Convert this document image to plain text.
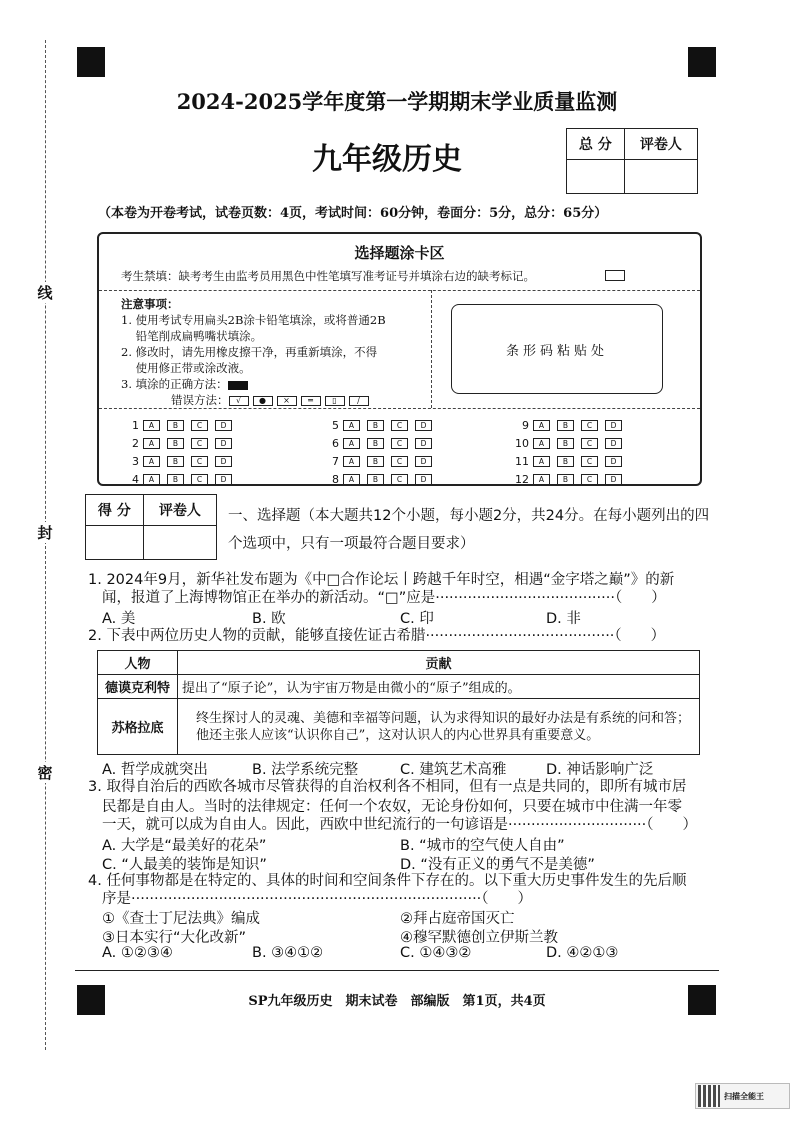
线
封
密
2024-2025学年度第一学期期末学业质量监测
九年级历史	总 分	评卷人

（本卷为开卷考试，试卷页数：4页，考试时间：60分钟，卷面分：5分，总分：65分）
选择题涂卡区
考生禁填：缺考考生由监考员用黑色中性笔填写准考证号并填涂右边的缺考标记。
注意事项：
1. 使用考试专用扁头2B涂卡铅笔填涂，或将普通2B
铅笔削成扁鸭嘴状填涂。
2. 修改时，请先用橡皮擦干净，再重新填涂，不得
使用修正带或涂改液。
3. 填涂的正确方法：
错误方法： √ ● × ═ ▯	/
条形码粘贴处
1	A	B	C	D	5	A	B	C	D	9	A	B	C	D
2	A	B	C	D	6	A	B	C	D	10	A	B	C	D
3	A	B	C	D	7	A	B	C	D	11	A	B	C	D
4	A	B	C	D	8	A	B	C	D	12	A	B	C	D
得 分	评卷人
	一、选择题（本大题共12个小题，每小题2分，共24分。在每小题列出的四
个选项中，只有一项最符合题目要求）
1. 2024年9月，新华社发布题为《中□合作论坛丨跨越千年时空，相遇“金字塔之巅”》的新
闻，报道了上海博物馆正在举办的新活动。“□”应是·······································（　　）
A. 美	B. 欧	C. 印	D. 非
2. 下表中两位历史人物的贡献，能够直接佐证古希腊·········································（　　）
人物	贡献
德谟克利特	提出了“原子论”，认为宇宙万物是由微小的“原子”组成的。
苏格拉底	终生探讨人的灵魂、美德和幸福等问题，认为求得知识的最好办法是有系统的问和答；他还主张人应该“认识你自己”，这对认识人的内心世界具有重要意义。
A. 哲学成就突出	B. 法学系统完整	C. 建筑艺术高雅	D. 神话影响广泛
3. 取得自治后的西欧各城市尽管获得的自治权利各不相同，但有一点是共同的，即所有城市居
民都是自由人。当时的法律规定：任何一个农奴，无论身份如何，只要在城市中住满一年零
一天，就可以成为自由人。因此，西欧中世纪流行的一句谚语是······························（　　）
A. 大学是“最美好的花朵”	B. “城市的空气使人自由”
C. “人最美的装饰是知识”	D. “没有正义的勇气不是美德”
4. 任何事物都是在特定的、具体的时间和空间条件下存在的。以下重大历史事件发生的先后顺
序是············································································（　　）
①《查士丁尼法典》编成	②拜占庭帝国灭亡
③日本实行“大化改新”	④穆罕默德创立伊斯兰教
A. ①②③④	B. ③④①②	C. ①④③②	D. ④②①③
SP九年级历史　期末试卷　部编版　第1页，共4页
扫描全能王
